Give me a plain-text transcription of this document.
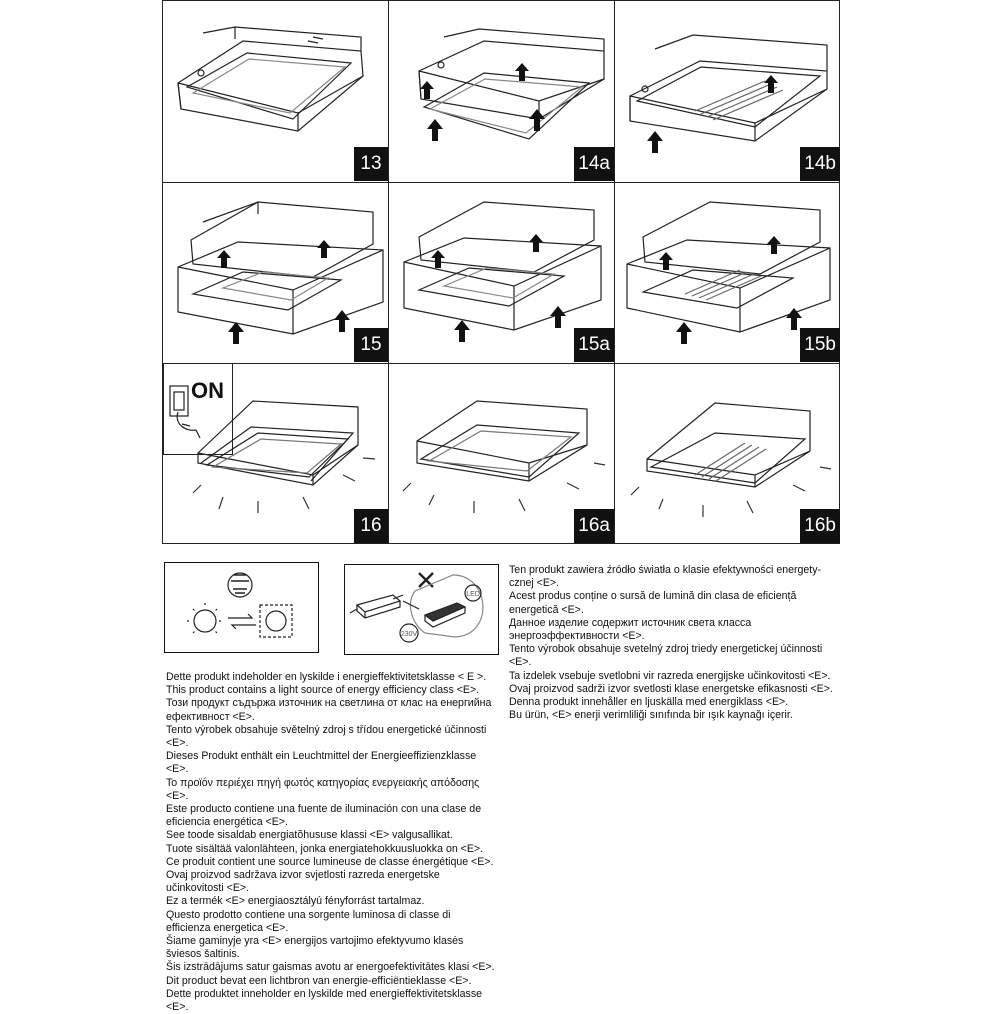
13	14a	14b
15	15a	15b
ON
16	16a	16b
LED
230V

Dette produkt indeholder en lyskilde i energieffektivitetsklasse < E >.

This product contains a light source of energy efficiency class <E>.

Този продукт съдържа източник на светлина от клас на енергийна

ефективност <E>.

Tento výrobek obsahuje světelný zdroj s třídou energetické účinnosti

<E>.

Dieses Produkt enthält ein Leuchtmittel der Energieeffizienzklasse

<E>.

Το προϊόν περιέχει πηγή φωτός κατηγορίας ενεργειακής απόδοσης

<E>.

Este producto contiene una fuente de iluminación con una clase de

eficiencia energética <E>.

See toode sisaldab energiatõhususe klassi <E> valgusallikat.

Tuote sisältää valonlähteen, jonka energiatehokkuusluokka on <E>.

Ce produit contient une source lumineuse de classe énergétique <E>.

Ovaj proizvod sadržava izvor svjetlosti razreda energetske

učinkovitosti <E>.

Ez a termék <E> energiaosztályú fényforrást tartalmaz.

Questo prodotto contiene una sorgente luminosa di classe di

efficienza energetica <E>.

Šiame gaminyje yra <E> energijos vartojimo efektyvumo klasės

šviesos šaltinis.

Šis izstrādājums satur gaismas avotu ar energoefektivitātes klasi <E>.

Dit product bevat een lichtbron van energie-efficiëntieklasse <E>.

Dette produktet inneholder en lyskilde med energieffektivitetsklasse

<E>.

Ten produkt zawiera źródło światła o klasie efektywności energety-

cznej <E>.

Acest produs conține o sursă de lumină din clasa de eficiență

energetică <E>.

Данное изделие содержит источник света класса

энергоэффективности <E>.

Tento výrobok obsahuje svetelný zdroj triedy energetickej účinnosti

<E>.

Ta izdelek vsebuje svetlobni vir razreda energijske učinkovitosti <E>.

Ovaj proizvod sadrži izvor svetlosti klase energetske efikasnosti <E>.

Denna produkt innehåller en ljuskälla med energiklass <E>.

Bu ürün, <E> enerji verimliliği sınıfında bir ışık kaynağı içerir.
